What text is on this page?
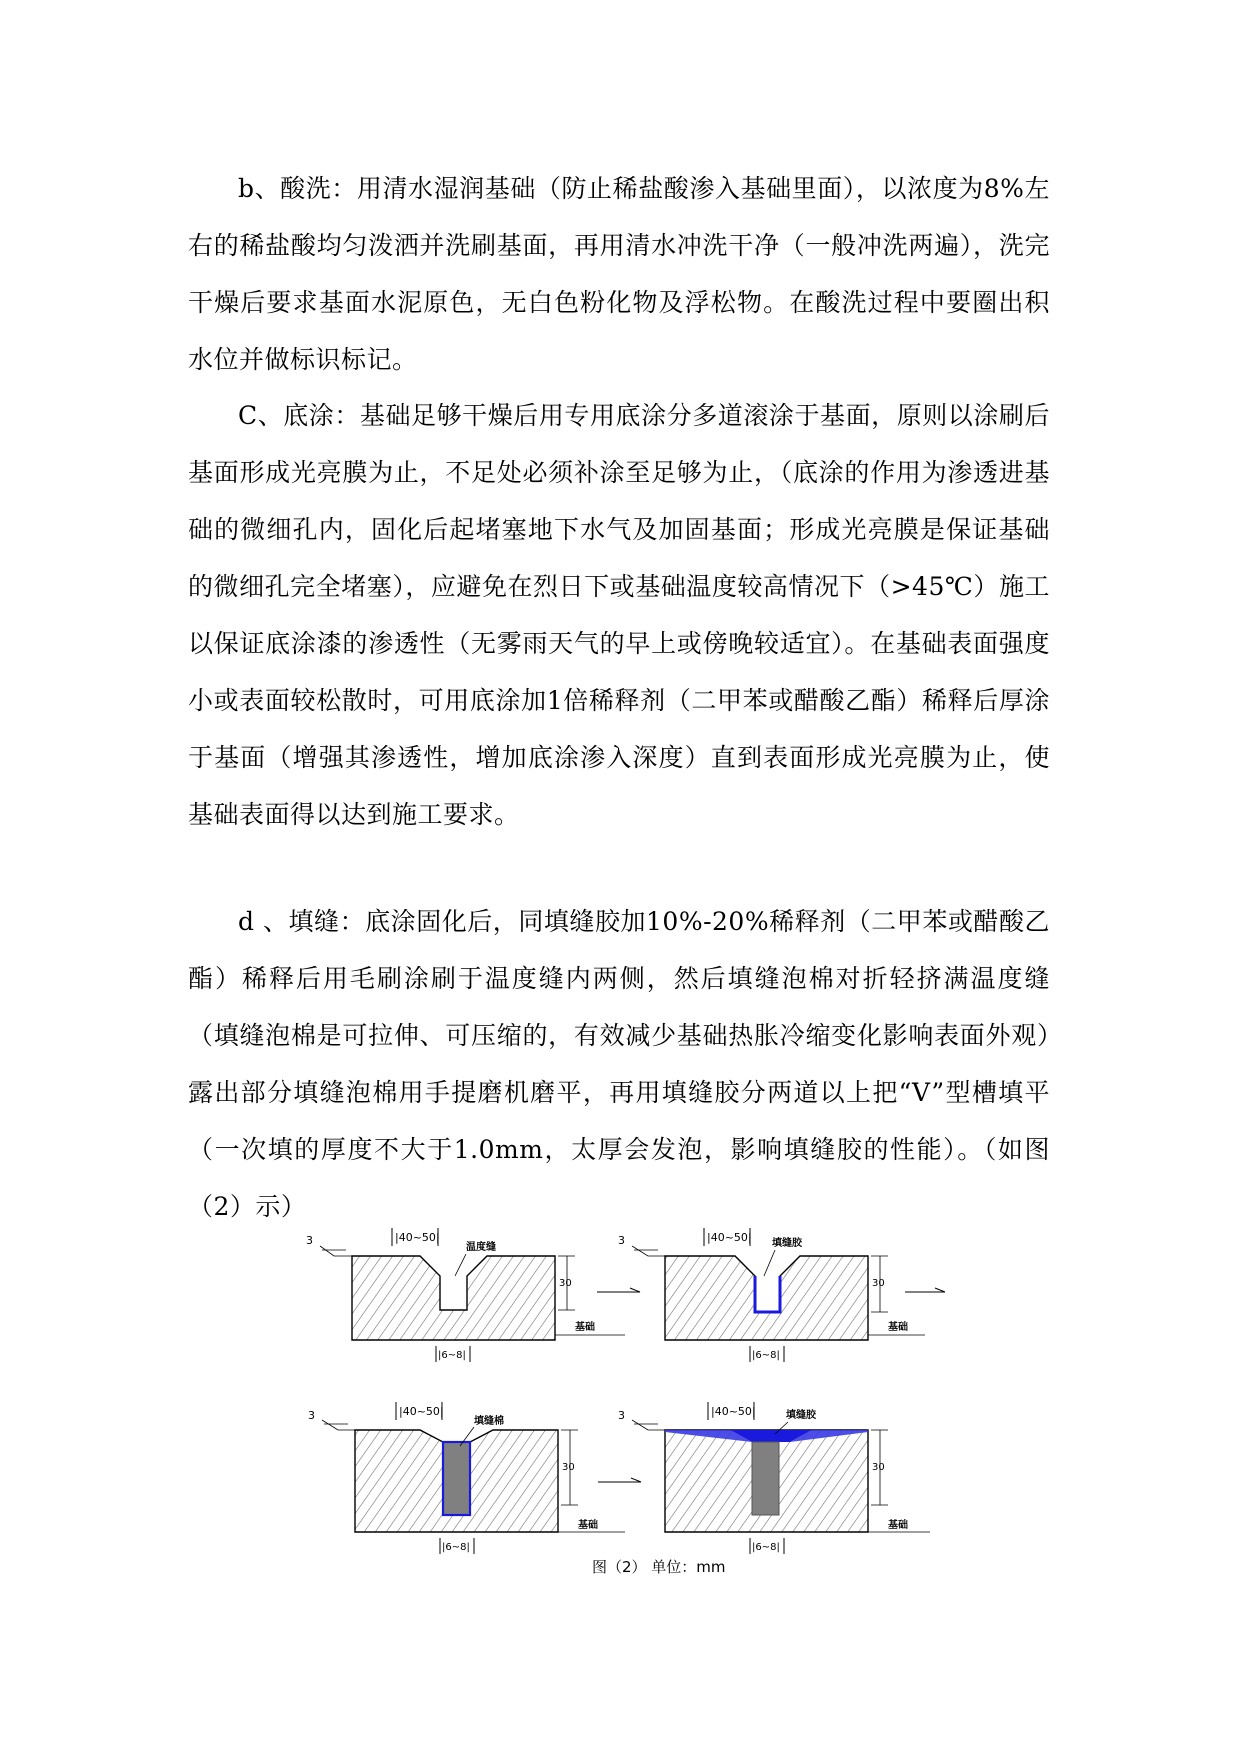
b、酸洗：用清水湿润基础（防止稀盐酸渗入基础里面），以浓度为8%左右的稀盐酸均匀泼洒并洗刷基面，再用清水冲洗干净（一般冲洗两遍），洗完干燥后要求基面水泥原色，无白色粉化物及浮松物。在酸洗过程中要圈出积水位并做标识标记。

C、底涂：基础足够干燥后用专用底涂分多道滚涂于基面，原则以涂刷后基面形成光亮膜为止，不足处必须补涂至足够为止，（底涂的作用为渗透进基础的微细孔内，固化后起堵塞地下水气及加固基面；形成光亮膜是保证基础的微细孔完全堵塞），应避免在烈日下或基础温度较高情况下（>45℃）施工以保证底涂漆的渗透性（无雾雨天气的早上或傍晚较适宜）。在基础表面强度小或表面较松散时，可用底涂加1倍稀释剂（二甲苯或醋酸乙酯）稀释后厚涂于基面（增强其渗透性，增加底涂渗入深度）直到表面形成光亮膜为止，使基础表面得以达到施工要求。

d 、填缝：底涂固化后，同填缝胶加10%-20%稀释剂（二甲苯或醋酸乙酯）稀释后用毛刷涂刷于温度缝内两侧，然后填缝泡棉对折轻挤满温度缝（填缝泡棉是可拉伸、可压缩的，有效减少基础热胀冷缩变化影响表面外观）露出部分填缝泡棉用手提磨机磨平，再用填缝胶分两道以上把“V”型槽填平（一次填的厚度不大于1.0mm，太厚会发泡，影响填缝胶的性能）。（如图（2）示）

|40~50|
温度缝
3
30
基础
|6~8|
|40~50| 填缝胶
3
30
基础
|6~8|
|40~50|
填缝棉
3
30
基础
|6~8|
|40~50|	填缝胶
3
30
基础
|6~8|
图（2） 单位：mm
